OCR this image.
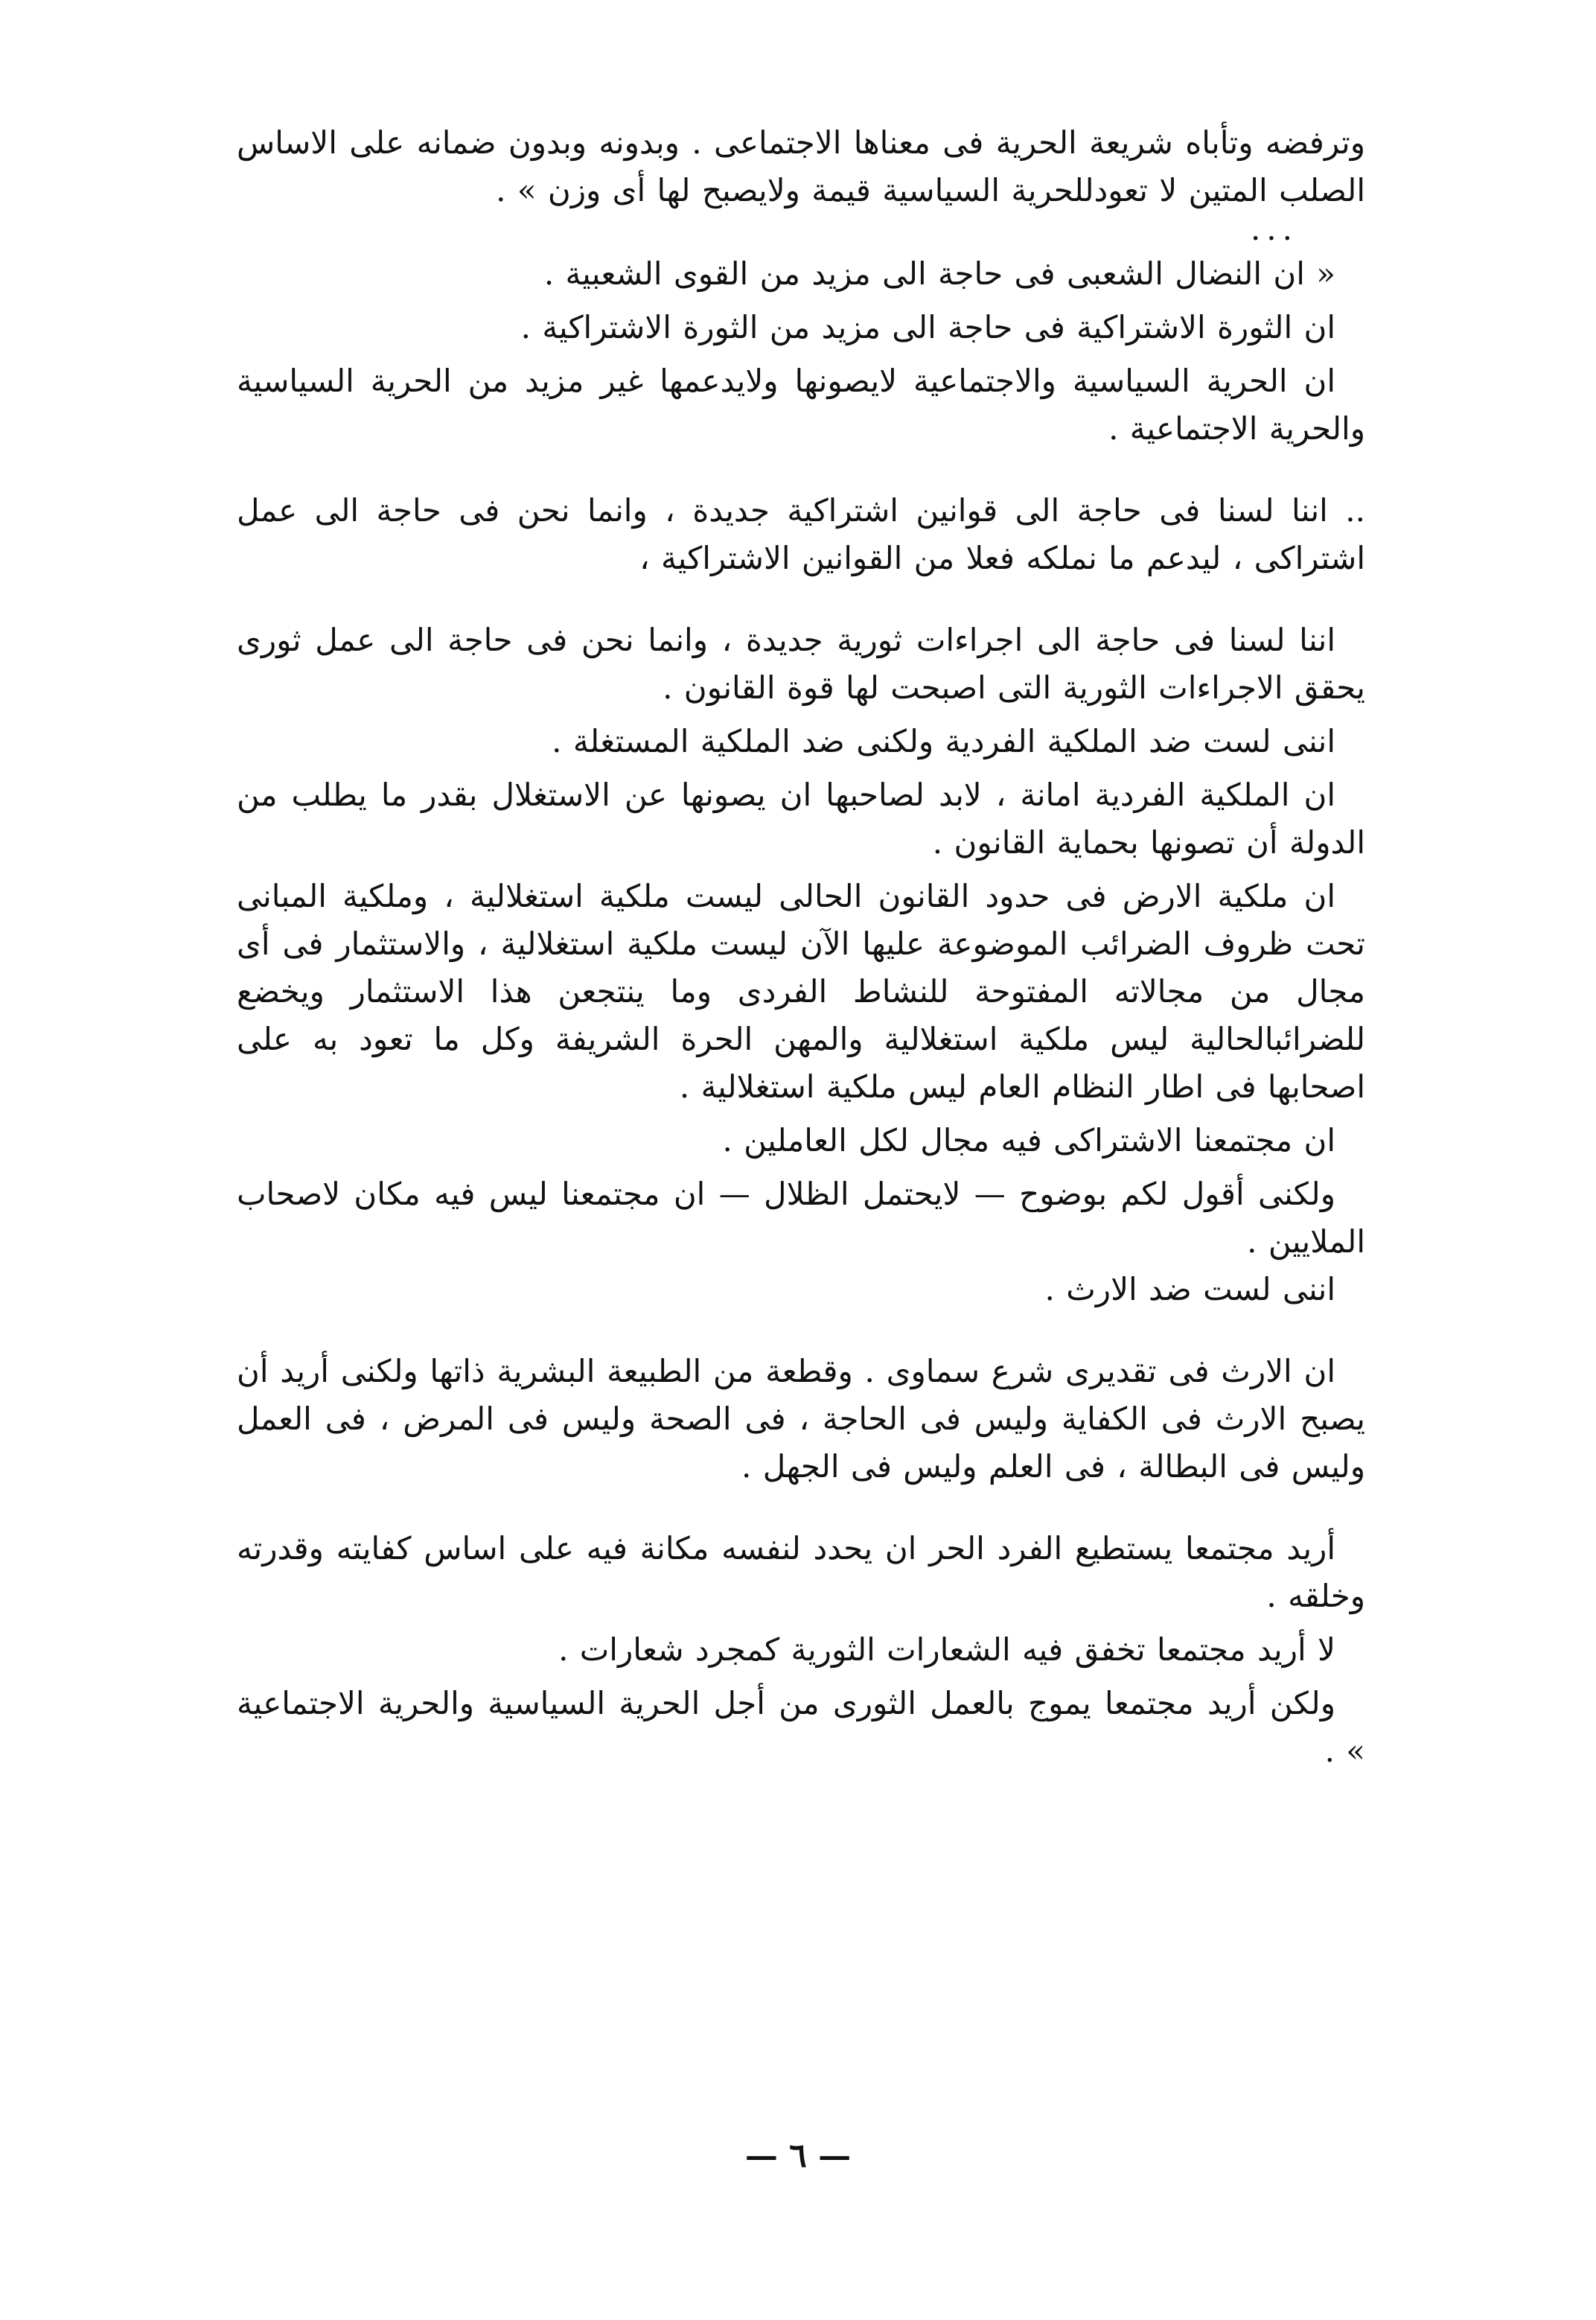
وترفضه وتأباه شريعة الحرية فى معناها الاجتماعى . وبدونه وبدون ضمانه على الاساس الصلب المتين لا تعودللحرية السياسية قيمة ولايصبح لها أى وزن » .

...

« ان النضال الشعبى فى حاجة الى مزيد من القوى الشعبية .

ان الثورة الاشتراكية فى حاجة الى مزيد من الثورة الاشتراكية .

ان الحرية السياسية والاجتماعية لايصونها ولايدعمها غير مزيد من الحرية السياسية والحرية الاجتماعية .

.. اننا لسنا فى حاجة الى قوانين اشتراكية جديدة ، وانما نحن فى حاجة الى عمل اشتراكى ، ليدعم ما نملكه فعلا من القوانين الاشتراكية ،

اننا لسنا فى حاجة الى اجراءات ثورية جديدة ، وانما نحن فى حاجة الى عمل ثورى يحقق الاجراءات الثورية التى اصبحت لها قوة القانون .

اننى لست ضد الملكية الفردية ولكنى ضد الملكية المستغلة .

ان الملكية الفردية امانة ، لابد لصاحبها ان يصونها عن الاستغلال بقدر ما يطلب من الدولة أن تصونها بحماية القانون .

ان ملكية الارض فى حدود القانون الحالى ليست ملكية استغلالية ، وملكية المبانى تحت ظروف الضرائب الموضوعة عليها الآن ليست ملكية استغلالية ، والاستثمار فى أى مجال من مجالاته المفتوحة للنشاط الفردى وما ينتجعن هذا الاستثمار ويخضع للضرائبالحالية ليس ملكية استغلالية والمهن الحرة الشريفة وكل ما تعود به على اصحابها فى اطار النظام العام ليس ملكية استغلالية .

ان مجتمعنا الاشتراكى فيه مجال لكل العاملين .

ولكنى أقول لكم بوضوح — لايحتمل الظلال — ان مجتمعنا ليس فيه مكان لاصحاب الملايين .

اننى لست ضد الارث .

ان الارث فى تقديرى شرع سماوى . وقطعة من الطبيعة البشرية ذاتها ولكنى أريد أن يصبح الارث فى الكفاية وليس فى الحاجة ، فى الصحة وليس فى المرض ، فى العمل وليس فى البطالة ، فى العلم وليس فى الجهل .

أريد مجتمعا يستطيع الفرد الحر ان يحدد لنفسه مكانة فيه على اساس كفايته وقدرته وخلقه .

لا أريد مجتمعا تخفق فيه الشعارات الثورية كمجرد شعارات .

ولكن أريد مجتمعا يموج بالعمل الثورى من أجل الحرية السياسية والحرية الاجتماعية » .

— ٦ —
